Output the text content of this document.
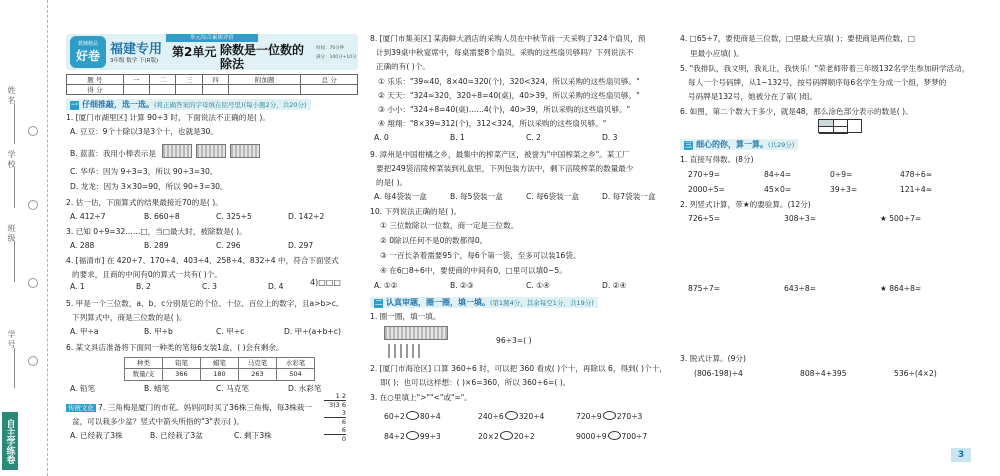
姓名
学校
班级
学号
自主学练卷
教辅精品
好卷 福建专用
3年级 数学 下(R版)
单元综合素质评价
第2单元 除数是一位数的除法
时间：70分钟
满分：100分+10分
题 号	一	二	三	四	附加题	总 分
得 分						
一 仔细推敲，选一选。(将正确答案的字母填在括号里)(每小题2分，共20分)
1. [厦门市湖里区] 计算 90÷3 时，下面说法不正确的是( )。
A. 豆豆：9个十除以3是3个十，也就是30。
B. 蓝蓝：我用小棒表示是
C. 华华：因为 9÷3=3，所以 90÷3=30。
D. 龙龙：因为 3×30=90，所以 90÷3=30。
2. 估一估，下面算式的结果最接近70的是( )。
A. 412÷7	B. 660÷8	C. 325÷5	D. 142÷2
3. 已知 0÷9=32……□，当□最大时，被除数是( )。
A. 288	B. 289	C. 296	D. 297
4. [福清市] 在 420÷7、170÷4、403÷4、258÷4、832÷4 中，符合下面竖式
的要求，且商的中间有0的算式一共有( )个。
A. 1	B. 2	C. 3	D. 4	4)□□□
5. 甲是一个三位数，a、b、c分别是它的个位、十位、百位上的数字，且a>b>c。
下列算式中，商是三位数的是( )。
A. 甲÷a	B. 甲÷b	C. 甲÷c	D. 甲÷(a+b+c)
6. 某文具店准备将下面同一种类的笔每6支装1盒，( )会有剩余。
种类	铅笔	蜡笔	马克笔	水彩笔
数量/支	366	180	263	504
A. 铅笔	B. 蜡笔	C. 马克笔	D. 水彩笔
传统文化 7. 三角梅是厦门的市花。妈妈同时买了36株三角梅，每3株栽一
盆，可以栽多少盆？竖式中箭头所指的"3"表示( )。
A. 已经栽了3株	B. 已经栽了3盆	C. 剩下3株
1 2
3)3 6
3
6
6
0
8. [厦门市集美区] 某海鲜大酒店的采购人员在中秋节前一天采购了324个扇贝，预
计到39桌中秋宴席中，每桌需要8个扇贝。采购的这些扇贝够吗？下列说法不
正确的有( )个。
① 乐乐："39≈40，8×40=320(个)，320<324，所以采购的这些扇贝够。"
② 天天："324≈320，320÷8=40(桌)，40>39，所以采购的这些扇贝够。"
③ 小小："324÷8=40(桌)……4(个)，40>39，所以采购的这些扇贝够。"
④ 翔翔："8×39=312(个)，312<324，所以采购的这些扇贝够。"
A. 0	B. 1	C. 2	D. 3
9. 漳州是中国柑橘之乡，最集中的榨菜产区，被誉为"中国榨菜之乡"。某工厂
要把249袋涪陵榨菜装到礼盒里，下列包装方法中，剩下涪陵榨菜的数量最少
的是( )。
A. 每4袋装一盒	B. 每5袋装一盒	C. 每6袋装一盒	D. 每7袋装一盒
10. 下列说法正确的是( )。
① 三位数除以一位数，商一定是三位数。
② 0除以任何不是0的数都得0。
③ 一百长条着需要95个，每6个第一袋，至多可以装16袋。
④ 在6□8÷6中，要使商的中间有0，□里可以填0~5。
A. ①②	B. ②③	C. ①④	D. ②④
二 认真审题，圈一圈，填一填。(第1题4分，其余每空1分，共19分)
1. 圈一圈，填一填。
96÷3=( )
2. [厦门市海沧区] 口算 360÷6 时，可以把 360 看成( )个十，再除以 6，得到( )个十，
即( )；也可以这样想：( )×6=360，所以 360÷6=( )。
3. 在○里填上">""<"或"="。
60÷2 80÷4	240÷6 320÷4	720÷9 270÷3
84÷2 99÷3	20×2 20÷2	9000÷9 700÷7
4. □65÷7，要使商是三位数，□里最大应填( )；要使商是两位数，□
里最小应填( )。
5. "我排队，我文明，我礼让，我快乐！"荣老师带着三年级132名学生参加研学活动，
每人一个号码牌，从1~132号，按号码牌顺序每6名学生分成一个组，梦梦的
号码牌是132号，她被分在了第( )组。
6. 如图，第二个数大于多少，就是48，那么涂色部分表示的数是( )。
三 细心的你，算一算。(共29分)
1. 直接写得数。(8分)
270÷9=	84÷4=	0÷9=	478÷6≈
2000÷5=	45×0=	39÷3=	121÷4≈
2. 列竖式计算，带★的要验算。(12分)
726÷5=	308÷3=	★ 500÷7=
875÷7=	643÷8=	★ 864÷8=
3. 脱式计算。(9分)
(806-198)÷4	808÷4+395	536÷(4×2)
3
